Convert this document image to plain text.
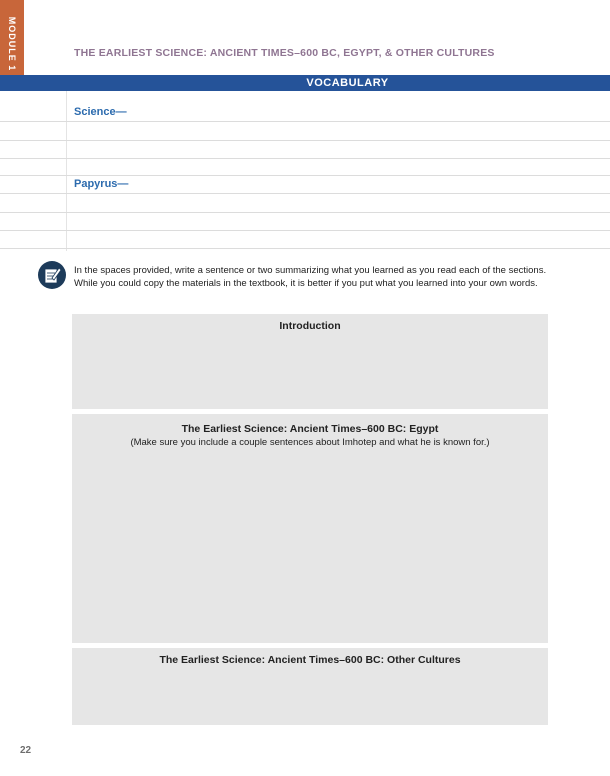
MODULE 1	THE EARLIEST SCIENCE: ANCIENT TIMES–600 BC, EGYPT, & OTHER CULTURES
VOCABULARY
Science—
Papyrus—
In the spaces provided, write a sentence or two summarizing what you learned as you read each of the sections. While you could copy the materials in the textbook, it is better if you put what you learned into your own words.
Introduction
The Earliest Science: Ancient Times–600 BC: Egypt
(Make sure you include a couple sentences about Imhotep and what he is known for.)
The Earliest Science: Ancient Times–600 BC: Other Cultures
22
